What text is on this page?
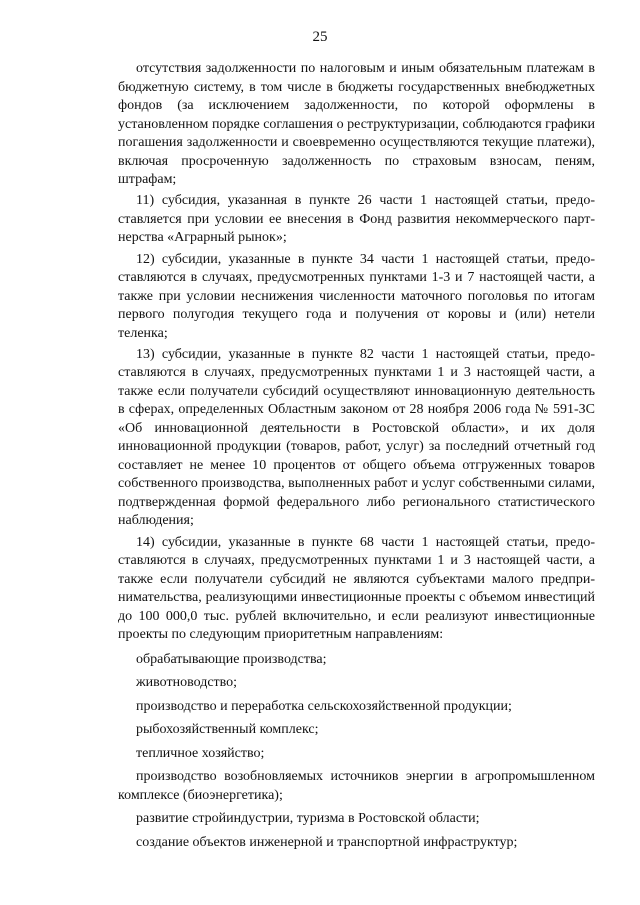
25

отсутствия задолженности по налоговым и иным обязательным платежам в бюджетную систему, в том числе в бюджеты государственных внебюджетных фондов (за исключением задолженности, по которой оформлены в установленном порядке соглашения о реструктуризации, соблюдаются графики погашения задолженности и своевременно осуществляются текущие платежи), включая просроченную задолженность по страховым взносам, пеням, штрафам;

11) субсидия, указанная в пункте 26 части 1 настоящей статьи, предоставляется при условии ее внесения в Фонд развития некоммерческого партнерства «Аграрный рынок»;

12) субсидии, указанные в пункте 34 части 1 настоящей статьи, предоставляются в случаях, предусмотренных пунктами 1-3 и 7 настоящей части, а также при условии неснижения численности маточного поголовья по итогам первого полугодия текущего года и получения от коровы и (или) нетели теленка;

13) субсидии, указанные в пункте 82 части 1 настоящей статьи, предоставляются в случаях, предусмотренных пунктами 1 и 3 настоящей части, а также если получатели субсидий осуществляют инновационную деятельность в сферах, определенных Областным законом от 28 ноября 2006 года № 591-ЗС «Об инновационной деятельности в Ростовской области», и их доля инновационной продукции (товаров, работ, услуг) за последний отчетный год составляет не менее 10 процентов от общего объема отгруженных товаров собственного производства, выполненных работ и услуг собственными силами, подтвержденная формой федерального либо регионального статистического наблюдения;

14) субсидии, указанные в пункте 68 части 1 настоящей статьи, предоставляются в случаях, предусмотренных пунктами 1 и 3 настоящей части, а также если получатели субсидий не являются субъектами малого предпринимательства, реализующими инвестиционные проекты с объемом инвестиций до 100 000,0 тыс. рублей включительно, и если реализуют инвестиционные проекты по следующим приоритетным направлениям:

обрабатывающие производства;

животноводство;

производство и переработка сельскохозяйственной продукции;

рыбохозяйственный комплекс;

тепличное хозяйство;

производство возобновляемых источников энергии в агропромышленном комплексе (биоэнергетика);

развитие стройиндустрии, туризма в Ростовской области;

создание объектов инженерной и транспортной инфраструктур;
